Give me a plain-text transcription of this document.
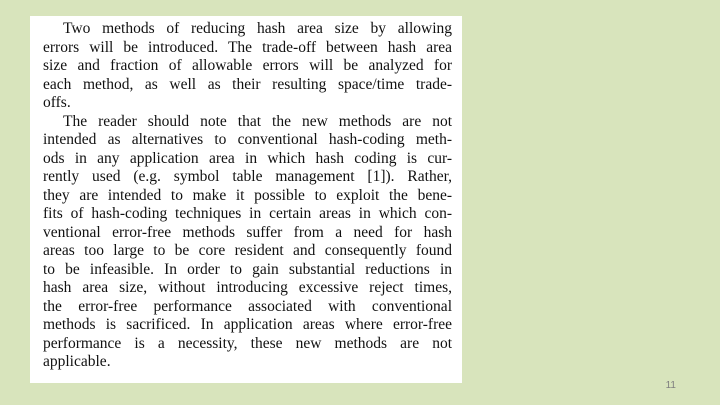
Two methods of reducing hash area size by allowing
errors will be introduced. The trade-off between hash area
size and fraction of allowable errors will be analyzed for
each method, as well as their resulting space/time trade-
offs.

The reader should note that the new methods are not
intended as alternatives to conventional hash-coding meth-
ods in any application area in which hash coding is cur-
rently used (e.g. symbol table management [1]). Rather,
they are intended to make it possible to exploit the bene-
fits of hash-coding techniques in certain areas in which con-
ventional error-free methods suffer from a need for hash
areas too large to be core resident and consequently found
to be infeasible. In order to gain substantial reductions in
hash area size, without introducing excessive reject times,
the error-free performance associated with conventional
methods is sacrificed. In application areas where error-free
performance is a necessity, these new methods are not
applicable.

11
